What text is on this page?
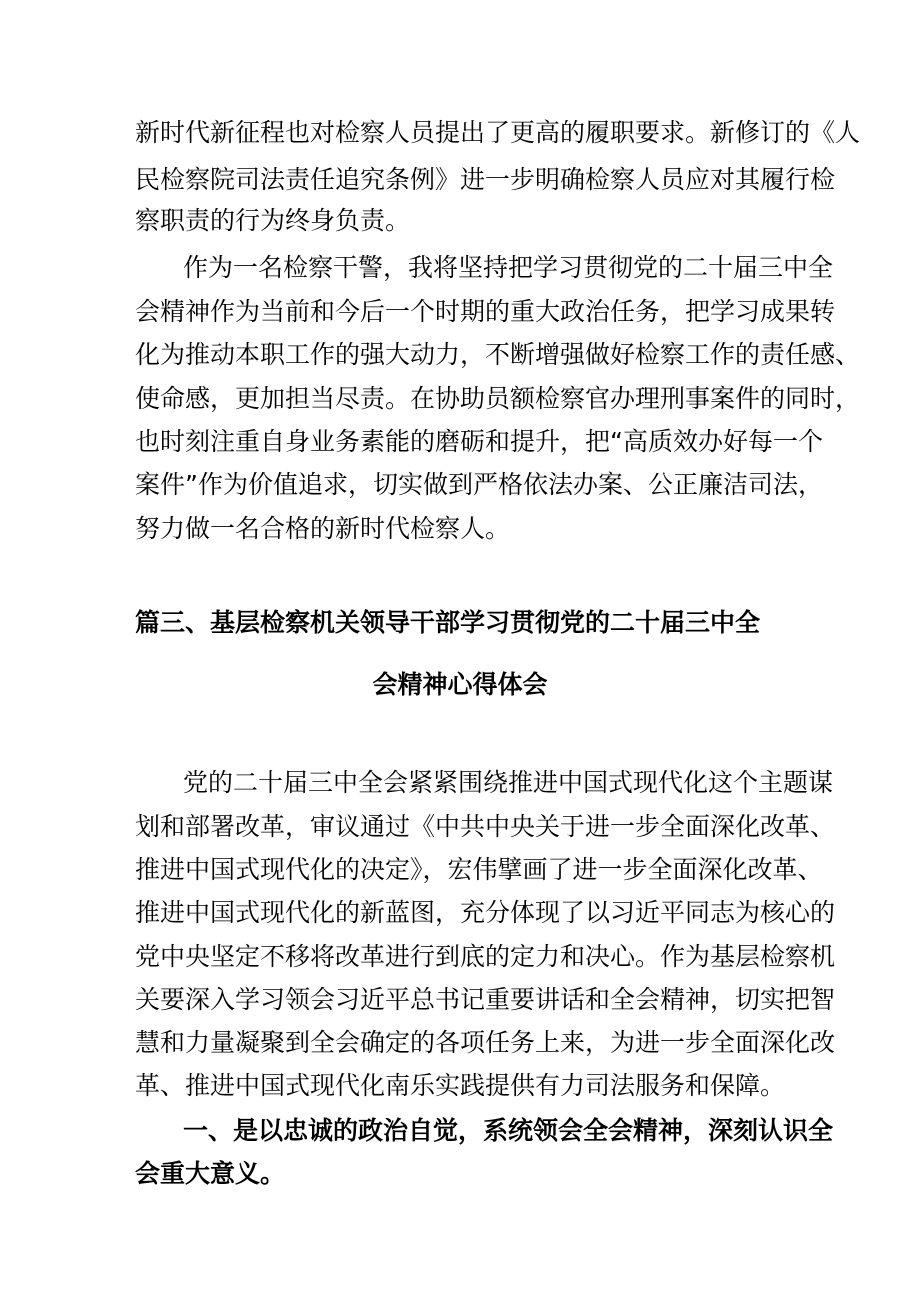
新时代新征程也对检察人员提出了更高的履职要求。新修订的《人
民检察院司法责任追究条例》进一步明确检察人员应对其履行检
察职责的行为终身负责。
作为一名检察干警，我将坚持把学习贯彻党的二十届三中全
会精神作为当前和今后一个时期的重大政治任务，把学习成果转
化为推动本职工作的强大动力，不断增强做好检察工作的责任感、
使命感，更加担当尽责。在协助员额检察官办理刑事案件的同时，
也时刻注重自身业务素能的磨砺和提升，把“高质效办好每一个
案件”作为价值追求，切实做到严格依法办案、公正廉洁司法，
努力做一名合格的新时代检察人。
篇三、基层检察机关领导干部学习贯彻党的二十届三中全
会精神心得体会
党的二十届三中全会紧紧围绕推进中国式现代化这个主题谋
划和部署改革，审议通过《中共中央关于进一步全面深化改革、
推进中国式现代化的决定》，宏伟擘画了进一步全面深化改革、
推进中国式现代化的新蓝图，充分体现了以习近平同志为核心的
党中央坚定不移将改革进行到底的定力和决心。作为基层检察机
关要深入学习领会习近平总书记重要讲话和全会精神，切实把智
慧和力量凝聚到全会确定的各项任务上来，为进一步全面深化改
革、推进中国式现代化南乐实践提供有力司法服务和保障。
一、是以忠诚的政治自觉，系统领会全会精神，深刻认识全
会重大意义。
